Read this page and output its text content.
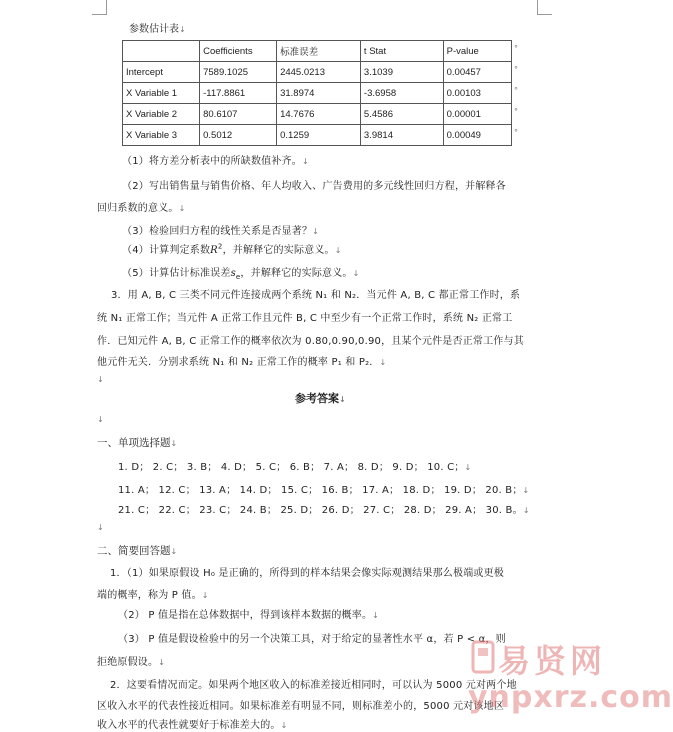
参数估计表↓
	Coefficients	标准误差	t Stat	P-value
Intercept	7589.1025	2445.0213	3.1039	0.00457
X Variable 1	-117.8861	31.8974	-3.6958	0.00103
X Variable 2	80.6107	14.7676	5.4586	0.00001
X Variable 3	0.5012	0.1259	3.9814	0.00049
°
°
°
°
°
（1）将方差分析表中的所缺数值补齐。↓
（2）写出销售量与销售价格、年人均收入、广告费用的多元线性回归方程，并解释各
回归系数的意义。↓
（3）检验回归方程的线性关系是否显著？↓
（4）计算判定系数$R^2$，并解释它的实际意义。↓
（5）计算估计标准误差$s_e$，并解释它的实际意义。↓
3．用 A, B, C 三类不同元件连接成两个系统 N₁ 和 N₂．当元件 A, B, C 都正常工作时，系
统 N₁ 正常工作；当元件 A 正常工作且元件 B, C 中至少有一个正常工作时，系统 N₂ 正常工
作．已知元件 A, B, C 正常工作的概率依次为 0.80,0.90,0.90，且某个元件是否正常工作与其
他元件无关．分别求系统 N₁ 和 N₂ 正常工作的概率 P₁ 和 P₂．↓
↓
参考答案↓
↓
一、单项选择题↓
1. D； 2. C； 3. B； 4. D； 5. C； 6. B； 7. A； 8. D； 9. D； 10. C；↓
11. A； 12. C； 13. A； 14. D； 15. C； 16. B； 17. A； 18. D； 19. D； 20. B；↓
21. C； 22. C； 23. C； 24. B； 25. D； 26. D； 27. C； 28. D； 29. A； 30. B。↓
↓
二、简要回答题↓
1．（1）如果原假设 H₀ 是正确的，所得到的样本结果会像实际观测结果那么极端或更极
端的概率，称为 P 值。↓
（2） P 值是指在总体数据中，得到该样本数据的概率。↓
（3） P 值是假设检验中的另一个决策工具，对于给定的显著性水平 α，若 P < α，则
拒绝原假设。↓
2．这要看情况而定。如果两个地区收入的标准差接近相同时，可以认为 5000 元对两个地
区收入水平的代表性接近相同。如果标准差有明显不同，则标准差小的，5000 元对该地区
收入水平的代表性就要好于标准差大的。↓
易贤网
ynpxrz.com
